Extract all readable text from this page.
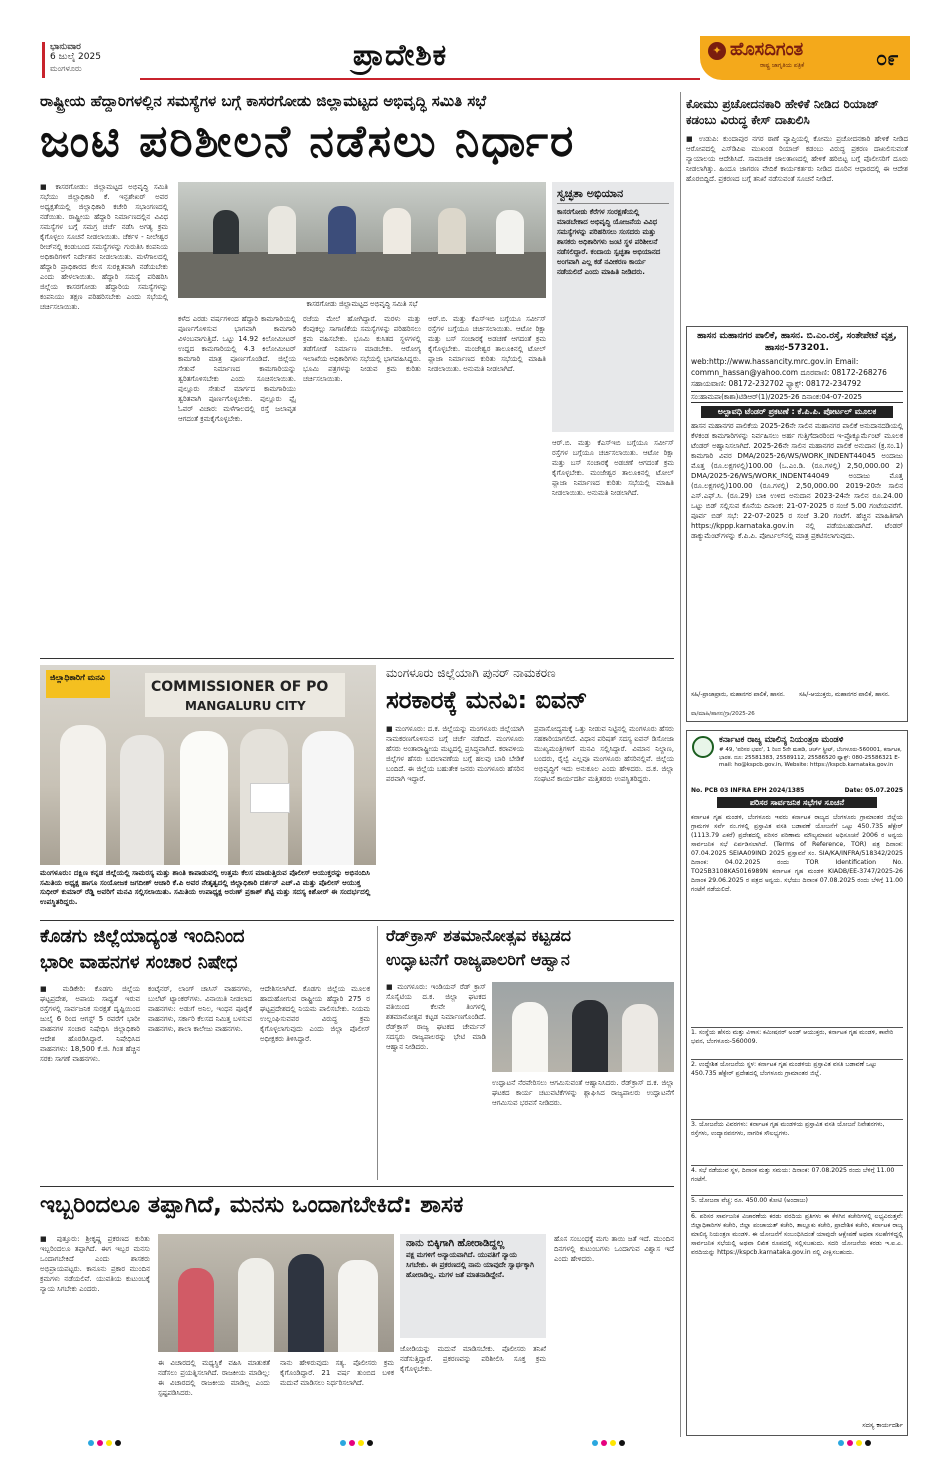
ಭಾನುವಾರ
6 ಜುಲೈ 2025
ಮಂಗಳೂರು	ಪ್ರಾದೇಶಿಕ	✦ ಹೊಸದಿಗಂತ
ರಾಷ್ಟ್ರ ಜಾಗೃತಿಯ ಪತ್ರಿಕೆ	೦೯
ರಾಷ್ಟ್ರೀಯ ಹೆದ್ದಾರಿಗಳಲ್ಲಿನ ಸಮಸ್ಯೆಗಳ ಬಗ್ಗೆ ಕಾಸರಗೋಡು ಜಿಲ್ಲಾಮಟ್ಟದ ಅಭಿವೃದ್ಧಿ ಸಮಿತಿ ಸಭೆ
ಜಂಟಿ ಪರಿಶೀಲನೆ ನಡೆಸಲು ನಿರ್ಧಾರ
■ ಕಾಸರಗೋಡು: ಜಿಲ್ಲಾಮಟ್ಟದ ಅಭಿವೃದ್ಧಿ ಸಮಿತಿ ಸಭೆಯು ಜಿಲ್ಲಾಧಿಕಾರಿ ಕೆ. ಇನ್ಬಶೇಖರ್ ಅವರ ಅಧ್ಯಕ್ಷತೆಯಲ್ಲಿ ಜಿಲ್ಲಾಧಿಕಾರಿ ಕಚೇರಿ ಸಭಾಂಗಣದಲ್ಲಿ ನಡೆಯಿತು. ರಾಷ್ಟ್ರೀಯ ಹೆದ್ದಾರಿ ನಿರ್ಮಾಣದಲ್ಲಿನ ವಿವಿಧ ಸಮಸ್ಯೆಗಳ ಬಗ್ಗೆ ಸಮಗ್ರ ಚರ್ಚೆ ನಡೆಸಿ ಅಗತ್ಯ ಕ್ರಮ ಕೈಗೊಳ್ಳಲು ಸೂಚನೆ ನೀಡಲಾಯಿತು. ಚೆರ್ಕಳ - ನೀಲೇಶ್ವರ ರೀಚ್‌ನಲ್ಲಿ ಕಂಡುಬಂದ ಸಮಸ್ಯೆಗಳನ್ನು ಗುರುತಿಸಿ ಕಂಪನಿಯ ಅಧಿಕಾರಿಗಳಿಗೆ ನಿರ್ದೇಶನ ನೀಡಲಾಯಿತು. ಮಳೆಗಾಲದಲ್ಲಿ ಹೆದ್ದಾರಿ ಪ್ರಾಧಿಕಾರದ ಕೆಲಸ ಸುರಕ್ಷಿತವಾಗಿ ನಡೆಯಬೇಕು ಎಂದು ಹೇಳಲಾಯಿತು. ಹೆದ್ದಾರಿ ಸಮಸ್ಯೆ ಪರಿಹರಿಸಿ ಜಿಲ್ಲೆಯ ಕಾಸರಗೋಡು ಹೆದ್ದಾರಿಯ ಸಮಸ್ಯೆಗಳನ್ನು ಕಂಪನಿಯು ತಕ್ಷಣ ಪರಿಹರಿಸಬೇಕು ಎಂದು ಸಭೆಯಲ್ಲಿ ಚರ್ಚಿಸಲಾಯಿತು.	ಕಾಸರಗೋಡು ಜಿಲ್ಲಾಮಟ್ಟದ ಅಭಿವೃದ್ಧಿ ಸಮಿತಿ ಸಭೆ
ಕಳೆದ ಎರಡು ವರ್ಷಗಳಿಂದ ಹೆದ್ದಾರಿ ಕಾಮಗಾರಿಯಲ್ಲಿ ಪೂರ್ಣಗೊಳಿಸುವ ಭಾಗವಾಗಿ ಕಾಮಗಾರಿ ವಿಳಂಬವಾಗುತ್ತಿದೆ. ಒಟ್ಟು 14.92 ಕಿಲೋಮೀಟರ್ ಉದ್ದದ ಕಾಮಗಾರಿಯಲ್ಲಿ 4.3 ಕಿಲೋಮೀಟರ್ ಕಾಮಗಾರಿ ಮಾತ್ರ ಪೂರ್ಣಗೊಂಡಿದೆ. ಜಿಲ್ಲೆಯ ಸೇತುವೆ ನಿರ್ಮಾಣದ ಕಾಮಗಾರಿಯನ್ನು ತ್ವರಿತಗೊಳಿಸಬೇಕು ಎಂದು ಸೂಚಿಸಲಾಯಿತು. ಪುಲ್ಲೂರು ಸೇತುವೆ ಮಾರ್ಗದ ಕಾಮಗಾರಿಯು ತ್ವರಿತವಾಗಿ ಪೂರ್ಣಗೊಳ್ಳಬೇಕು. ಪುಲ್ಲೂರು ಪ್ಲೈ ಓವರ್ ವಿಚಾರ: ಮಳೆಗಾಲದಲ್ಲಿ ರಸ್ತೆ ಜಲಾವೃತ ಆಗದಂತೆ ಕ್ರಮಕೈಗೊಳ್ಳಬೇಕು.
ರಜೆಯ ಮೇಲೆ ಹೋಗಿದ್ದಾರೆ. ಮರಳು ಮತ್ತು ಕೆಂಪುಕಲ್ಲು ಸಾಗಾಣಿಕೆಯ ಸಮಸ್ಯೆಗಳನ್ನು ಪರಿಹರಿಸಲು ಕ್ರಮ ವಹಿಸಬೇಕು. ಭೂಮಿ ಕುಸಿತದ ಸ್ಥಳಗಳಲ್ಲಿ ತಡೆಗೋಡೆ ನಿರ್ಮಾಣ ಮಾಡಬೇಕು. ಆರೋಗ್ಯ ಇಲಾಖೆಯ ಅಧಿಕಾರಿಗಳು ಸಭೆಯಲ್ಲಿ ಭಾಗವಹಿಸಿದ್ದರು. ಭೂಮಿ ಪತ್ರಗಳನ್ನು ನೀಡುವ ಕ್ರಮ ಕುರಿತು ಚರ್ಚಿಸಲಾಯಿತು.
ಆರ್.ಬಿ. ಮತ್ತು ಕೆಎಸ್‌ಇಬಿ ಬಗ್ಗೆಯೂ ಸರ್ವೀಸ್ ರಸ್ತೆಗಳ ಬಗ್ಗೆಯೂ ಚರ್ಚಿಸಲಾಯಿತು. ಆಟೋ ರಿಕ್ಷಾ ಮತ್ತು ಬಸ್ ಸಂಚಾರಕ್ಕೆ ಅಡಚಣೆ ಆಗದಂತೆ ಕ್ರಮ ಕೈಗೊಳ್ಳಬೇಕು. ಮಂಜೇಶ್ವರ ತಾಲೂಕಿನಲ್ಲಿ ಟೋಲ್ ಪ್ಲಾಜಾ ನಿರ್ಮಾಣದ ಕುರಿತು ಸಭೆಯಲ್ಲಿ ಮಾಹಿತಿ ನೀಡಲಾಯಿತು. ಅನುಮತಿ ನೀಡಲಾಗಿದೆ.
ಸ್ವಚ್ಛತಾ ಅಭಿಯಾನ
ಕಾಸರಗೋಡು ಕೆರೆಗಳ ಸಂರಕ್ಷಣೆಯಲ್ಲಿ ಮಾಡಬೇಕಾದ ಅಭಿವೃದ್ಧಿ ಯೋಜನೆಯ ವಿವಿಧ ಸಮಸ್ಯೆಗಳನ್ನು ಪರಿಹರಿಸಲು ಸಂಸದರು ಮತ್ತು ಶಾಸಕರು ಅಧಿಕಾರಿಗಳು ಜಂಟಿ ಸ್ಥಳ ಪರಿಶೀಲನೆ ನಡೆಸಲಿದ್ದಾರೆ. ಕಂದಾಯ ಸ್ವಚ್ಛತಾ ಅಭಿಯಾನದ ಅಂಗವಾಗಿ ಎಲ್ಲ ಕಡೆ ನವೀಕರಣ ಕಾರ್ಯ ನಡೆಯಲಿದೆ ಎಂದು ಮಾಹಿತಿ ನೀಡಿದರು.
ಆರ್.ಬಿ. ಮತ್ತು ಕೆಎಸ್‌ಇಬಿ ಬಗ್ಗೆಯೂ ಸರ್ವೀಸ್ ರಸ್ತೆಗಳ ಬಗ್ಗೆಯೂ ಚರ್ಚಿಸಲಾಯಿತು. ಆಟೋ ರಿಕ್ಷಾ ಮತ್ತು ಬಸ್ ಸಂಚಾರಕ್ಕೆ ಅಡಚಣೆ ಆಗದಂತೆ ಕ್ರಮ ಕೈಗೊಳ್ಳಬೇಕು. ಮಂಜೇಶ್ವರ ತಾಲೂಕಿನಲ್ಲಿ ಟೋಲ್ ಪ್ಲಾಜಾ ನಿರ್ಮಾಣದ ಕುರಿತು ಸಭೆಯಲ್ಲಿ ಮಾಹಿತಿ ನೀಡಲಾಯಿತು. ಅನುಮತಿ ನೀಡಲಾಗಿದೆ.
COMMISSIONER OF PO
MANGALURU CITY
ಜಿಲ್ಲಾಧಿಕಾರಿಗೆ ಮನವಿ
ಮಂಗಳೂರು: ದಕ್ಷಿಣ ಕನ್ನಡ ಜಿಲ್ಲೆಯಲ್ಲಿ ಸಾಮರಸ್ಯ ಮತ್ತು ಶಾಂತಿ ಕಾಪಾಡುವಲ್ಲಿ ಉತ್ತಮ ಕೆಲಸ ಮಾಡುತ್ತಿರುವ ಪೊಲೀಸ್ ಆಯುಕ್ತರನ್ನು ಅಭಿನಂದಿಸಿ ಸಮಿತಿಯ ಅಧ್ಯಕ್ಷ ಹಾಗೂ ಸಂಯೋಜಕ ಜಗದೀಶ್ ಆಚಾರಿ ಕೆ.ಪಿ ಅವರ ನೇತೃತ್ವದಲ್ಲಿ ಜಿಲ್ಲಾಧಿಕಾರಿ ದರ್ಶನ್ ಎಚ್.ವಿ ಮತ್ತು ಪೊಲೀಸ್ ಆಯುಕ್ತ ಸುಧೀರ್ ಕುಮಾರ್ ರೆಡ್ಡಿ ಅವರಿಗೆ ಮನವಿ ಸಲ್ಲಿಸಲಾಯಿತು. ಸಮಿತಿಯ ಉಪಾಧ್ಯಕ್ಷ ಅರುಣ್ ಪ್ರಕಾಶ್ ಶೆಟ್ಟಿ ಮತ್ತು ಸದಸ್ಯ ಕಿಶೋರ್ ಈ ಸಂದರ್ಭದಲ್ಲಿ ಉಪಸ್ಥಿತರಿದ್ದರು.
ಮಂಗಳೂರು ಜಿಲ್ಲೆಯಾಗಿ ಪುನರ್ ನಾಮಕರಣ
ಸರಕಾರಕ್ಕೆ ಮನವಿ: ಐವನ್
■ ಮಂಗಳೂರು: ದ.ಕ. ಜಿಲ್ಲೆಯನ್ನು ಮಂಗಳೂರು ಜಿಲ್ಲೆಯಾಗಿ ನಾಮಕರಣಗೊಳಿಸುವ ಬಗ್ಗೆ ಚರ್ಚೆ ನಡೆದಿದೆ. ಮಂಗಳೂರು ಹೆಸರು ಅಂತಾರಾಷ್ಟ್ರೀಯ ಮಟ್ಟದಲ್ಲಿ ಪ್ರಸಿದ್ಧವಾಗಿದೆ. ಕರಾವಳಿಯ ಜಿಲ್ಲೆಗಳ ಹೆಸರು ಬದಲಾವಣೆಯ ಬಗ್ಗೆ ಹಲವು ಬಾರಿ ಬೇಡಿಕೆ ಬಂದಿದೆ. ಈ ಜಿಲ್ಲೆಯ ಬಹುತೇಕ ಜನರು ಮಂಗಳೂರು ಹೆಸರಿನ ಪರವಾಗಿ ಇದ್ದಾರೆ.
ಪ್ರವಾಸೋದ್ಯಮಕ್ಕೆ ಒತ್ತು ನೀಡುವ ನಿಟ್ಟಿನಲ್ಲಿ ಮಂಗಳೂರು ಹೆಸರು ಸಹಕಾರಿಯಾಗಲಿದೆ. ವಿಧಾನ ಪರಿಷತ್ ಸದಸ್ಯ ಐವನ್ ಡಿಸೋಜಾ ಮುಖ್ಯಮಂತ್ರಿಗಳಿಗೆ ಮನವಿ ಸಲ್ಲಿಸಿದ್ದಾರೆ. ವಿಮಾನ ನಿಲ್ದಾಣ, ಬಂದರು, ರೈಲ್ವೆ ಎಲ್ಲವೂ ಮಂಗಳೂರು ಹೆಸರಿನಲ್ಲಿವೆ. ಜಿಲ್ಲೆಯ ಅಭಿವೃದ್ಧಿಗೆ ಇದು ಅನುಕೂಲ ಎಂದು ಹೇಳಿದರು. ದ.ಕ. ಜಿಲ್ಲಾ ಸಂಘಟನೆ ಕಾರ್ಯದರ್ಶಿ ಮತ್ತಿತರರು ಉಪಸ್ಥಿತರಿದ್ದರು.
ಕೊಡಗು ಜಿಲ್ಲೆಯಾದ್ಯಂತ ಇಂದಿನಿಂದ
ಭಾರೀ ವಾಹನಗಳ ಸಂಚಾರ ನಿಷೇಧ
■ ಮಡಿಕೇರಿ: ಕೊಡಗು ಜಿಲ್ಲೆಯ ಘಟ್ಟಪ್ರದೇಶ, ಅಪಾಯ ಸಾಧ್ಯತೆ ಇರುವ ರಸ್ತೆಗಳಲ್ಲಿ ಸಾರ್ವಜನಿಕ ಸುರಕ್ಷತೆ ದೃಷ್ಟಿಯಿಂದ ಜುಲೈ 6 ರಿಂದ ಆಗಸ್ಟ್ 5 ರವರೆಗೆ ಭಾರೀ ವಾಹನಗಳ ಸಂಚಾರ ನಿಷೇಧಿಸಿ ಜಿಲ್ಲಾಧಿಕಾರಿ ಆದೇಶ ಹೊರಡಿಸಿದ್ದಾರೆ. ನಿಷೇಧಿಸಿದ ವಾಹನಗಳು: 18,500 ಕೆ.ಜಿ. ಗಿಂತ ಹೆಚ್ಚಿನ ಸರಕು ಸಾಗಣೆ ವಾಹನಗಳು.
ಕಂಟೈನರ್, ಲಾಂಗ್ ಚಾಸಿಸ್ ವಾಹನಗಳು, ಬುಲೆಟ್ ಟ್ಯಾಂಕರ್‌ಗಳು. ವಿನಾಯಿತಿ ನೀಡಲಾದ ವಾಹನಗಳು: ಅಡುಗೆ ಅನಿಲ, ಇಂಧನ ಪೂರೈಕೆ ವಾಹನಗಳು, ಸರ್ಕಾರಿ ಕೆಲಸದ ನಿಮಿತ್ತ ಬಳಸುವ ವಾಹನಗಳು, ಶಾಲಾ ಕಾಲೇಜು ವಾಹನಗಳು.
ಆದೇಶಿಸಲಾಗಿದೆ. ಕೊಡಗು ಜಿಲ್ಲೆಯ ಮೂಲಕ ಹಾದುಹೋಗುವ ರಾಷ್ಟ್ರೀಯ ಹೆದ್ದಾರಿ 275 ರ ಘಟ್ಟಪ್ರದೇಶದಲ್ಲಿ ನಿಯಮ ಪಾಲಿಸಬೇಕು. ನಿಯಮ ಉಲ್ಲಂಘಿಸುವವರ ವಿರುದ್ಧ ಕ್ರಮ ಕೈಗೊಳ್ಳಲಾಗುವುದು ಎಂದು ಜಿಲ್ಲಾ ಪೊಲೀಸ್ ಅಧೀಕ್ಷಕರು ತಿಳಿಸಿದ್ದಾರೆ.
ರೆಡ್‌ಕ್ರಾಸ್ ಶತಮಾನೋತ್ಸವ ಕಟ್ಟಡದ
ಉದ್ಘಾಟನೆಗೆ ರಾಜ್ಯಪಾಲರಿಗೆ ಆಹ್ವಾನ
■ ಮಂಗಳೂರು: ಇಂಡಿಯನ್ ರೆಡ್ ಕ್ರಾಸ್ ಸೊಸೈಟಿಯ ದ.ಕ. ಜಿಲ್ಲಾ ಘಟಕದ ವತಿಯಿಂದ ಕೆಲವೇ ತಿಂಗಳಲ್ಲಿ ಶತಮಾನೋತ್ಸವ ಕಟ್ಟಡ ನಿರ್ಮಾಣಗೊಂಡಿದೆ. ರೆಡ್‌ಕ್ರಾಸ್ ರಾಜ್ಯ ಘಟಕದ ಚೇರ್ಮನ್ ಸದಸ್ಯರು ರಾಜ್ಯಪಾಲರನ್ನು ಭೇಟಿ ಮಾಡಿ ಆಹ್ವಾನ ನೀಡಿದರು.
ಉದ್ಘಾಟನೆ ನೆರವೇರಿಸಲು ಆಗಮಿಸುವಂತೆ ಆಹ್ವಾನಿಸಿದರು. ರೆಡ್‌ಕ್ರಾಸ್ ದ.ಕ. ಜಿಲ್ಲಾ ಘಟಕದ ಕಾರ್ಯ ಚಟುವಟಿಕೆಗಳನ್ನು ಶ್ಲಾಘಿಸಿದ ರಾಜ್ಯಪಾಲರು ಉದ್ಘಾಟನೆಗೆ ಆಗಮಿಸುವ ಭರವಸೆ ನೀಡಿದರು.
ಇಬ್ಬರಿಂದಲೂ ತಪ್ಪಾಗಿದೆ, ಮನಸು ಒಂದಾಗಬೇಕಿದೆ: ಶಾಸಕ
■ ಪುತ್ತೂರು: ಶ್ರೀಕೃಷ್ಣ ಪ್ರಕರಣದ ಕುರಿತು ಇಬ್ಬರಿಂದಲೂ ತಪ್ಪಾಗಿದೆ. ಈಗ ಇಬ್ಬರ ಮನಸು ಒಂದಾಗಬೇಕಿದೆ ಎಂದು ಶಾಸಕರು ಅಭಿಪ್ರಾಯಪಟ್ಟರು. ಕಾನೂನು ಪ್ರಕಾರ ಮುಂದಿನ ಕ್ರಮಗಳು ನಡೆಯಲಿವೆ. ಯುವತಿಯ ಕುಟುಂಬಕ್ಕೆ ನ್ಯಾಯ ಸಿಗಬೇಕು ಎಂದರು.
ಈ ವಿಚಾರದಲ್ಲಿ ಮಧ್ಯಸ್ಥಿಕೆ ವಹಿಸಿ ಮಾತುಕತೆ ನಡೆಸಲು ಪ್ರಯತ್ನಿಸಲಾಗಿದೆ. ರಾಜಕೀಯ ಮಾಡಿಲ್ಲ: ಈ ವಿಚಾರದಲ್ಲಿ ರಾಜಕೀಯ ಮಾಡಿಲ್ಲ ಎಂದು ಸ್ಪಷ್ಟಪಡಿಸಿದರು.
ನಾನು ಹೇಳಿರುವುದು ಸತ್ಯ. ಪೊಲೀಸರು ಕ್ರಮ ಕೈಗೊಂಡಿದ್ದಾರೆ. 21 ವರ್ಷ ತುಂಬಿದ ಬಳಿಕ ಮದುವೆ ಮಾಡಿಸಲು ನಿರ್ಧರಿಸಲಾಗಿದೆ.
ನಾನು ಬಿಕ್ಕಿಗಾಗಿ ಹೋರಾಡಿದ್ದಲ್ಲ
ಪಕ್ಷ ಮಗಳಿಗೆ ಅನ್ಯಾಯವಾಗಿದೆ. ಯುವತಿಗೆ ನ್ಯಾಯ ಸಿಗಬೇಕು. ಈ ಪ್ರಕರಣದಲ್ಲಿ ನಾನು ಯಾವುದೇ ಸ್ವಾರ್ಥಕ್ಕಾಗಿ ಹೋರಾಡಿಲ್ಲ. ಮಗಳ ಜತೆ ಮಾತನಾಡಿದ್ದೇನೆ.
ಜೋಡಿಯನ್ನು ಮದುವೆ ಮಾಡಿಸಬೇಕು. ಪೊಲೀಸರು ತನಿಖೆ ನಡೆಸುತ್ತಿದ್ದಾರೆ. ಪ್ರಕರಣವನ್ನು ಪರಿಶೀಲಿಸಿ ಸೂಕ್ತ ಕ್ರಮ ಕೈಗೊಳ್ಳಬೇಕು.
ಹೊಸ ಸಂಬಂಧಕ್ಕೆ ಮಗು ತಾಯಿ ಜತೆ ಇದೆ. ಮುಂದಿನ ದಿನಗಳಲ್ಲಿ ಕುಟುಂಬಗಳು ಒಂದಾಗುವ ವಿಶ್ವಾಸ ಇದೆ ಎಂದು ಹೇಳಿದರು.
ಕೋಮು ಪ್ರಚೋದನಕಾರಿ ಹೇಳಿಕೆ ನೀಡಿದ ರಿಯಾಜ್ ಕಡಂಬು ವಿರುದ್ಧ ಕೇಸ್ ದಾಖಲಿಸಿ
■ ಉಡುಪಿ: ಕುಂದಾಪುರ ನಗರ ಠಾಣೆ ವ್ಯಾಪ್ತಿಯಲ್ಲಿ ಕೋಮು ಪ್ರಚೋದನಕಾರಿ ಹೇಳಿಕೆ ನೀಡಿದ ಆರೋಪದಲ್ಲಿ ಎಸ್‌ಡಿಪಿಐ ಮುಖಂಡ ರಿಯಾಜ್ ಕಡಂಬು ವಿರುದ್ಧ ಪ್ರಕರಣ ದಾಖಲಿಸುವಂತೆ ನ್ಯಾಯಾಲಯ ಆದೇಶಿಸಿದೆ. ಸಾಮಾಜಿಕ ಜಾಲತಾಣದಲ್ಲಿ ಹೇಳಿಕೆ ಹರಿಬಿಟ್ಟ ಬಗ್ಗೆ ಪೊಲೀಸರಿಗೆ ದೂರು ನೀಡಲಾಗಿತ್ತು. ಹಿಂದೂ ಜಾಗರಣ ವೇದಿಕೆ ಕಾರ್ಯಕರ್ತರು ನೀಡಿದ ದೂರಿನ ಆಧಾರದಲ್ಲಿ ಈ ಆದೇಶ ಹೊರಬಿದ್ದಿದೆ. ಪ್ರಕರಣದ ಬಗ್ಗೆ ತನಿಖೆ ನಡೆಸುವಂತೆ ಸೂಚನೆ ನೀಡಿದೆ.
ಹಾಸನ ಮಹಾನಗರ ಪಾಲಿಕೆ, ಹಾಸನ. ಬಿ.ಎಂ.ರಸ್ತೆ, ಸಂತೇಪೇಟೆ ವೃತ್ತ, ಹಾಸನ-573201.
web:http://www.hassancity.mrc.gov.in Email: commn_hassan@yahoo.com ದೂರವಾಣಿ: 08172-268276
ಸಹಾಯವಾಣಿ: 08172-232702 ಫ್ಯಾಕ್ಸ್: 08172-234792
ಸಂ:ಹಾಮಪಾ(ಕಾಶಾ)ಟಿಡಿಆರ್(1)/2025-26 ದಿನಾಂಕ:04-07-2025
ಅಲ್ಪಾವಧಿ ಟೆಂಡರ್ ಪ್ರಕಟಣೆ : ಕೆ.ಪಿ.ಪಿ. ಪೋರ್ಟಲ್ ಮೂಲಕ
ಹಾಸನ ಮಹಾನಗರ ಪಾಲಿಕೆಯ 2025-26ನೇ ಸಾಲಿನ ಮಹಾನಗರ ಪಾಲಿಕೆ ಅನುದಾನದಡಿಯಲ್ಲಿ ಕೆಳಕಂಡ ಕಾಮಗಾರಿಗಳನ್ನು ನಿರ್ವಹಿಸಲು ಅರ್ಹ ಗುತ್ತಿಗೆದಾರರಿಂದ ಇ-ಪ್ರೊಕ್ಯೂರ್ಮೆಂಟ್ ಮೂಲಕ ಟೆಂಡರ್ ಅಹ್ವಾನಿಸಲಾಗಿದೆ. 2025-26ನೇ ಸಾಲಿನ ಮಹಾನಗರ ಪಾಲಿಕೆ ಅನುದಾನ (ಕ್ರ.ಸಂ.1) ಕಾಮಗಾರಿ ವಿವರ DMA/2025-26/WS/WORK_INDENT44045 ಅಂದಾಜು ಮೊತ್ತ (ರೂ.ಲಕ್ಷಗಳಲ್ಲಿ)100.00 (ಒ.ಎಂ.ಡಿ. (ರೂ.ಗಳಲ್ಲಿ) 2,50,000.00 2) DMA/2025-26/WS/WORK_INDENT44049 ಅಂದಾಜು ಮೊತ್ತ (ರೂ.ಲಕ್ಷಗಳಲ್ಲಿ)100.00 (ರೂ.ಗಳಲ್ಲಿ) 2,50,000.00 2019-20ನೇ ಸಾಲಿನ ಎಸ್.ಎಫ್.ಸಿ. (ರೂ.29) ಬಾಕಿ ಉಳಿದ ಅನುದಾನ 2023-24ನೇ ಸಾಲಿನ ರೂ.24.00 ಒಟ್ಟು ಬಿಡ್ ಸಲ್ಲಿಸುವ ಕೊನೆಯ ದಿನಾಂಕ: 21-07-2025 ರ ಸಂಜೆ 5.00 ಗಂಟೆಯವರೆಗೆ. ಪೂರ್ವ ಬಿಡ್ ಸಭೆ: 22-07-2025 ರ ಸಂಜೆ 3.20 ಗಂಟೆಗೆ. ಹೆಚ್ಚಿನ ಮಾಹಿತಿಗಾಗಿ https://kppp.karnataka.gov.in ನಲ್ಲಿ ಪಡೆಯಬಹುದಾಗಿದೆ. ಟೆಂಡರ್ ಡಾಕ್ಯುಮೆಂಟ್‌ಗಳನ್ನು ಕೆ.ಪಿ.ಪಿ. ಪೋರ್ಟಲ್‌ನಲ್ಲಿ ಮಾತ್ರ ಪ್ರಕಟಿಸಲಾಗುವುದು.
ಸಹಿ/-ಪ್ರಾಜಾಪ್ರಾರು, ಮಹಾನಗರ ಪಾಲಿಕೆ, ಹಾಸನ.	ಸಹಿ/-ಆಯುಕ್ತರು, ಮಹಾನಗರ ಪಾಲಿಕೆ, ಹಾಸನ.
ವಾ/ಮಾಹಿ/ಹಾಸನ/ಗ್ರಾ/2025-26
ಕರ್ನಾಟಕ ರಾಜ್ಯ ಮಾಲಿನ್ಯ ನಿಯಂತ್ರಣ ಮಂಡಳಿ
# 49, 'ಪರಿಸರ ಭವನ', 1 ರಿಂದ 5ನೇ ಮಹಡಿ, ಚರ್ಚ್ ಸ್ಟ್ರೀಟ್, ಬೆಂಗಳೂರು-560001, ಕರ್ನಾಟಕ, ಭಾರತ. ದೂ: 25581383, 25589112, 25586520 ಫ್ಯಾಕ್ಸ್: 080-25586321 E-mail: ho@kspcb.gov.in, Website: https://kspcb.karnataka.gov.in
No. PCB 03 INFRA EPH 2024/1385	Date: 05.07.2025
ಪರಿಸರ ಸಾರ್ವಜನಿಕ ಸಭೆಗಳ ಸೂಚನೆ
ಕರ್ನಾಟಕ ಗೃಹ ಮಂಡಳಿ, ಬೆಂಗಳೂರು ಇವರು ಕರ್ನಾಟಕ ರಾಜ್ಯದ ಬೆಂಗಳೂರು ಗ್ರಾಮಾಂತರ ಜಿಲ್ಲೆಯ ಗ್ರಾಮಗಳ ಸರ್ವೆ ನಂ.ಗಳಲ್ಲಿ ಪ್ರಸ್ತಾವಿತ ವಸತಿ ಬಡಾವಣೆ ಯೋಜನೆಗೆ ಒಟ್ಟು 450.735 ಹೆಕ್ಟೇರ್ (1113.79 ಎಕರೆ) ಪ್ರದೇಶದಲ್ಲಿ ಪರಿಸರ ಪರಿಣಾಮ ಮೌಲ್ಯಮಾಪನ ಅಧಿಸೂಚನೆ 2006 ರ ಅನ್ವಯ ಸಾರ್ವಜನಿಕ ಸಭೆ ಏರ್ಪಡಿಸಲಾಗಿದೆ. (Terms of Reference, TOR) ಪತ್ರ ದಿನಾಂಕ: 07.04.2025 SEIAA09IND 2025 ಪ್ರಸ್ತಾವನೆ ಸಂ. SIA/KA/INFRA/518342/2025 ದಿನಾಂಕ: 04.02.2025 ರಂದು TOR Identification No. TO25B3108KA5016989N ಕರ್ನಾಟಕ ಗೃಹ ಮಂಡಳಿ KIADB/EE-3747/2025-26 ದಿನಾಂಕ 29.06.2025 ರ ಪತ್ರದ ಅನ್ವಯ. ಸಭೆಯು ದಿನಾಂಕ 07.08.2025 ರಂದು ಬೆಳಿಗ್ಗೆ 11.00 ಗಂಟೆಗೆ ನಡೆಯಲಿದೆ.
1. ಸಂಸ್ಥೆಯ ಹೆಸರು ಮತ್ತು ವಿಳಾಸ: ಕಮೀಷನರ್ ಅಂಡ್ ಆಯುಕ್ತರು, ಕರ್ನಾಟಕ ಗೃಹ ಮಂಡಳಿ, ಕಾವೇರಿ ಭವನ, ಬೆಂಗಳೂರು-560009.
2. ಉದ್ದೇಶಿತ ಯೋಜನೆಯ ಸ್ಥಳ: ಕರ್ನಾಟಕ ಗೃಹ ಮಂಡಳಿಯ ಪ್ರಸ್ತಾವಿತ ವಸತಿ ಬಡಾವಣೆ ಒಟ್ಟು 450.735 ಹೆಕ್ಟೇರ್ ಪ್ರದೇಶದಲ್ಲಿ ಬೆಂಗಳೂರು ಗ್ರಾಮಾಂತರ ಜಿಲ್ಲೆ.
3. ಯೋಜನೆಯ ವಿವರಗಳು: ಕರ್ನಾಟಕ ಗೃಹ ಮಂಡಳಿಯ ಪ್ರಸ್ತಾವಿತ ವಸತಿ ಯೋಜನೆ ನಿವೇಶನಗಳು, ರಸ್ತೆಗಳು, ಉದ್ಯಾನವನಗಳು, ನಾಗರಿಕ ಸೌಲಭ್ಯಗಳು.
4. ಸಭೆ ನಡೆಯುವ ಸ್ಥಳ, ದಿನಾಂಕ ಮತ್ತು ಸಮಯ: ದಿನಾಂಕ: 07.08.2025 ರಂದು ಬೆಳಿಗ್ಗೆ 11.00 ಗಂಟೆಗೆ.
5. ಯೋಜನಾ ವೆಚ್ಚ: ರೂ. 450.00 ಕೋಟಿ (ಅಂದಾಜು)
6. ಪರಿಸರ ಸಾರ್ವಜನಿಕ ವಿಚಾರಣೆಯ ಕರಡು ವರದಿಯ ಪ್ರತಿಗಳು ಈ ಕೆಳಗಿನ ಕಚೇರಿಗಳಲ್ಲಿ ಲಭ್ಯವಿರುತ್ತವೆ: ಜಿಲ್ಲಾಧಿಕಾರಿಗಳ ಕಚೇರಿ, ಜಿಲ್ಲಾ ಪಂಚಾಯತ್ ಕಚೇರಿ, ತಾಲ್ಲೂಕು ಕಚೇರಿ, ಪ್ರಾದೇಶಿಕ ಕಚೇರಿ, ಕರ್ನಾಟಕ ರಾಜ್ಯ ಮಾಲಿನ್ಯ ನಿಯಂತ್ರಣ ಮಂಡಳಿ. ಈ ಯೋಜನೆಗೆ ಸಂಬಂಧಿಸಿದಂತೆ ಯಾವುದೇ ಆಕ್ಷೇಪಣೆ ಅಥವಾ ಸಲಹೆಗಳಿದ್ದಲ್ಲಿ ಸಾರ್ವಜನಿಕ ಸಭೆಯಲ್ಲಿ ಅಥವಾ ಲಿಖಿತ ರೂಪದಲ್ಲಿ ಸಲ್ಲಿಸಬಹುದು. ಸದರಿ ಯೋಜನೆಯ ಕರಡು ಇ.ಐ.ಎ. ವರದಿಯನ್ನು https://kspcb.karnataka.gov.in ನಲ್ಲಿ ವೀಕ್ಷಿಸಬಹುದು.
ಸದಸ್ಯ ಕಾರ್ಯದರ್ಶಿ
